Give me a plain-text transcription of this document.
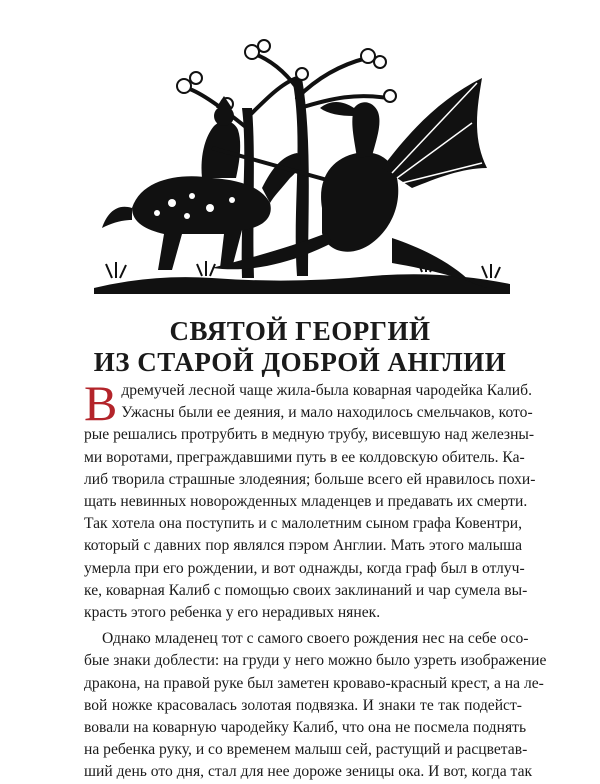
СВЯТОЙ ГЕОРГИЙ
ИЗ СТАРОЙ ДОБРОЙ АНГЛИИ

В дремучей лесной чаще жила-была коварная чародейка Калиб.
Ужасны были ее деяния, и мало находилось смельчаков, кото-
рые решались протрубить в медную трубу, висевшую над железны-
ми воротами, преграждавшими путь в ее колдовскую обитель. Ка-
либ творила страшные злодеяния; больше всего ей нравилось похи-
щать невинных новорожденных младенцев и предавать их смерти.
Так хотела она поступить и с малолетним сыном графа Ковентри,
который с давних пор являлся пэром Англии. Мать этого малыша
умерла при его рождении, и вот однажды, когда граф был в отлуч-
ке, коварная Калиб с помощью своих заклинаний и чар сумела вы-
красть этого ребенка у его нерадивых нянек.

Однако младенец тот с самого своего рождения нес на себе осо-
бые знаки доблести: на груди у него можно было узреть изображение
дракона, на правой руке был заметен кроваво-красный крест, а на ле-
вой ножке красовалась золотая подвязка. И знаки те так подейст-
вовали на коварную чародейку Калиб, что она не посмела поднять
на ребенка руку, и со временем малыш сей, растущий и расцветав-
ший день ото дня, стал для нее дороже зеницы ока. И вот, когда так
